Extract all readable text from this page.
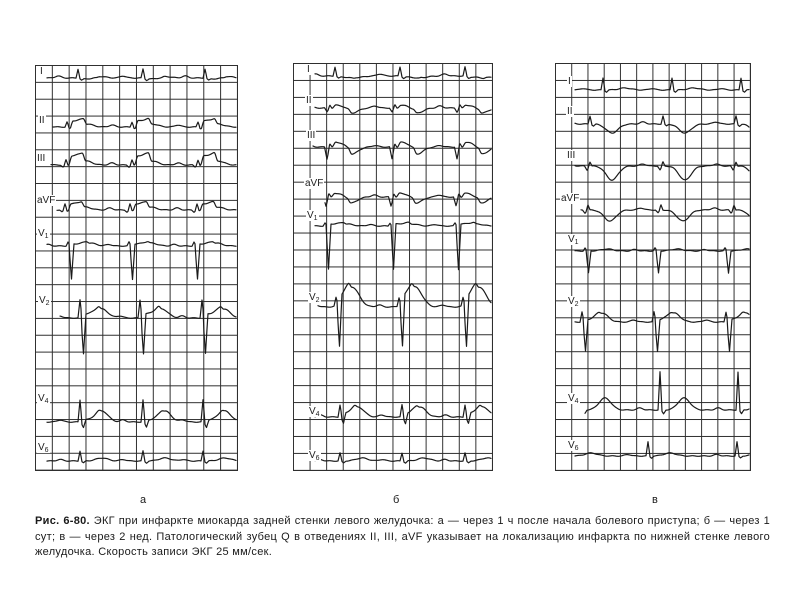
I
II
III
aVF
$V_1$
$V_2$
$V_4$
$V_6$
I
II
III
aVF
$V_1$
$V_2$
$V_4$
$V_6$
I
II
III
aVF
$V_1$
$V_2$
$V_4$
$V_6$
а	б	в
Рис. 6-80. ЭКГ при инфаркте миокарда задней стенки левого желудочка: а — через 1 ч после начала болевого приступа; б — через 1 сут; в — через 2 нед. Патологический зубец Q в отведениях II, III, aVF указывает на локализацию инфаркта по нижней стенке левого желудочка. Скорость записи ЭКГ 25 мм/сек.
